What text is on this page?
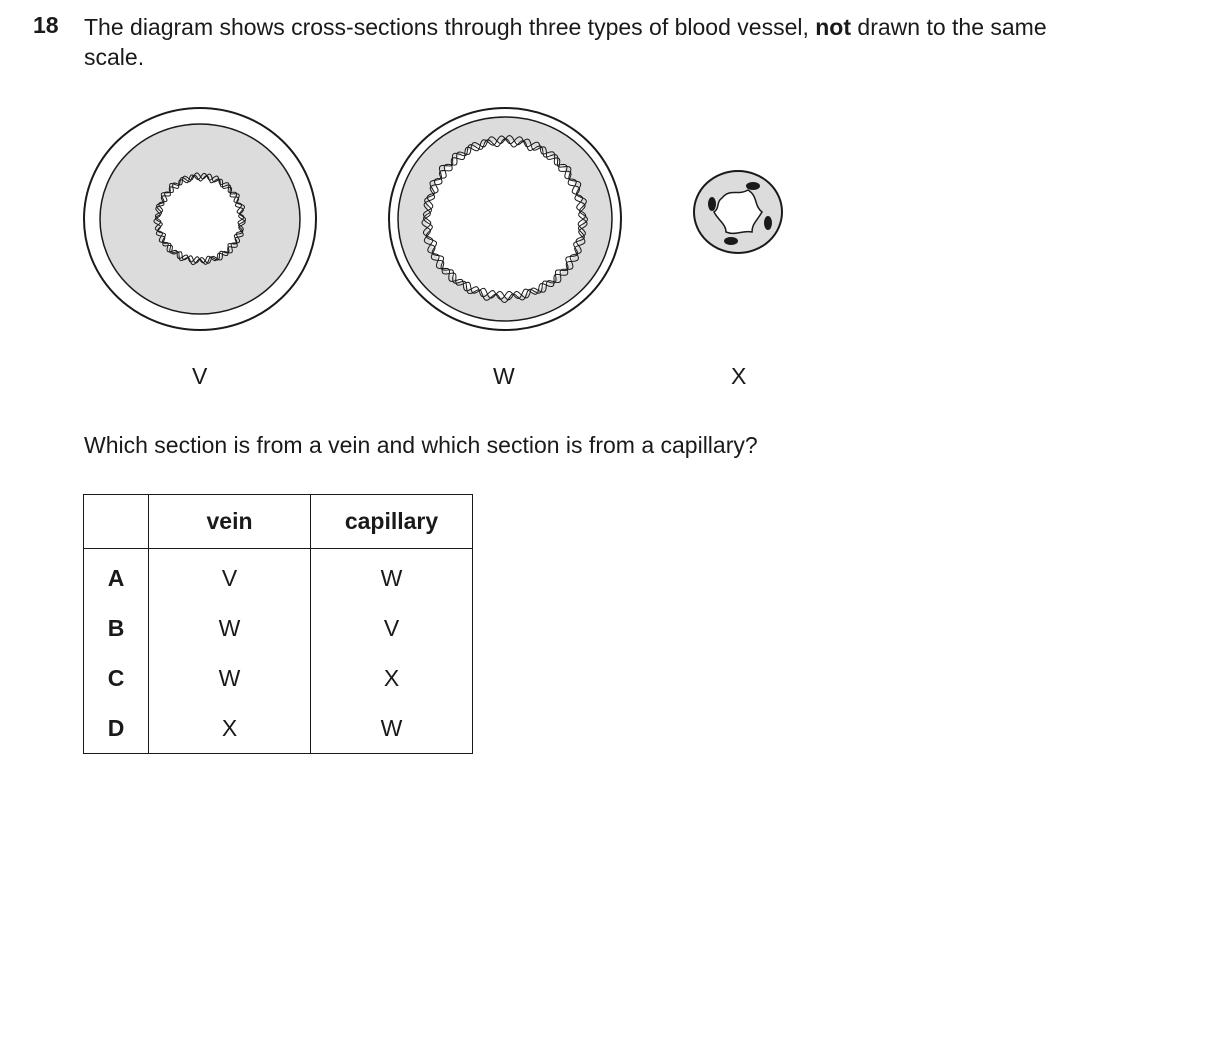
18 The diagram shows cross-sections through three types of blood vessel, not drawn to the same scale.
V	W	X
Which section is from a vein and which section is from a capillary?
	vein	capillary
A	V	W
B	W	V
C	W	X
D	X	W
